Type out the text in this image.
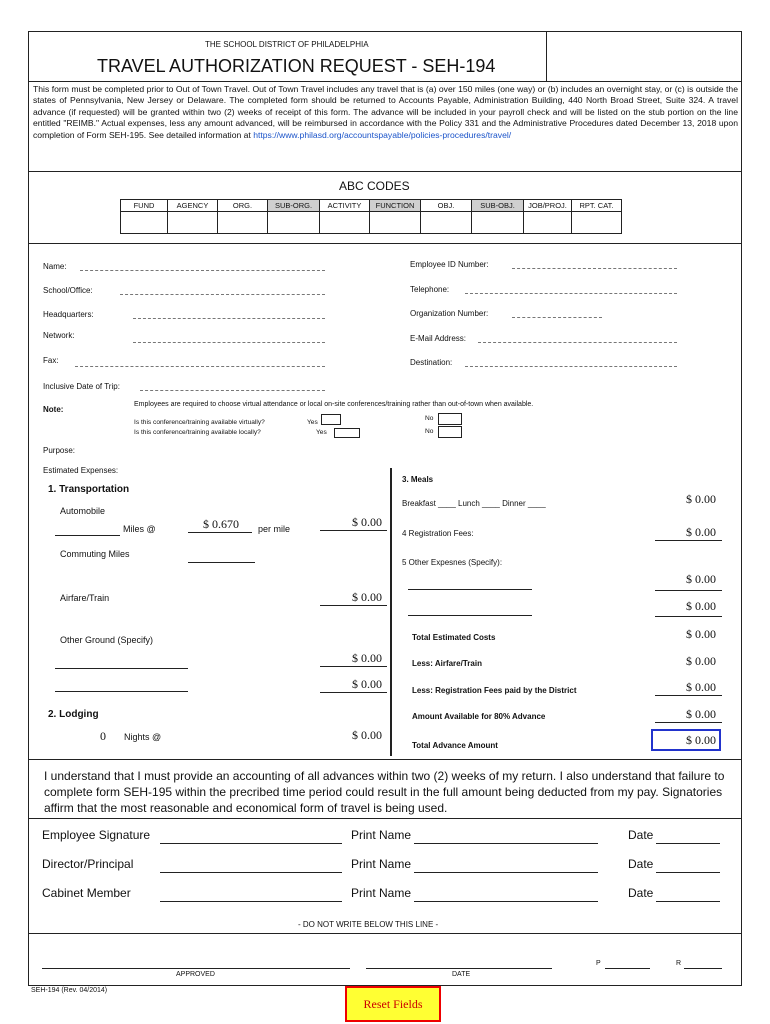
THE SCHOOL DISTRICT OF PHILADELPHIA
TRAVEL AUTHORIZATION REQUEST - SEH-194
This form must be completed prior to Out of Town Travel. Out of Town Travel includes any travel that is (a) over 150 miles (one way) or (b) includes an overnight stay, or (c) is outside the states of Pennsylvania, New Jersey or Delaware. The completed form should be returned to Accounts Payable, Administration Building, 440 North Broad Street, Suite 324. A travel advance (if requested) will be granted within two (2) weeks of receipt of this form. The advance will be included in your payroll check and will be listed on the stub portion on the line entitled "REIMB." Actual expenses, less any amount advanced, will be reimbursed in accordance with the Policy 331 and the Administrative Procedures dated December 13, 2018 upon completion of Form SEH-195. See detailed information at https://www.philasd.org/accountspayable/policies-procedures/travel/
ABC CODES
FUND	AGENCY	ORG.	SUB-ORG.	ACTIVITY	FUNCTION	OBJ.	SUB-OBJ.	JOB/PROJ.	RPT. CAT.

Name:
School/Office:
Headquarters:
Network:
Fax:
Inclusive Date of Trip:
Employee ID Number:
Telephone:
Organization Number:
E-Mail Address:
Destination:
Note:
Employees are required to choose virtual attendance or local on-site conferences/training rather than out-of-town when available.
Is this conference/training available virtually?	Yes
No
Is this conference/training available locally?	Yes	No
Purpose:
Estimated Expenses:
1. Transportation
Automobile
Miles @	$ 0.670 per mile	$ 0.00
Commuting Miles
Airfare/Train	$ 0.00
Other Ground (Specify)
$ 0.00
$ 0.00
2. Lodging
0 Nights @	$ 0.00
3. Meals
Breakfast ____ Lunch ____ Dinner ____	$ 0.00
4 Registration Fees:	$ 0.00
5 Other Expesnes (Specify):
$ 0.00
$ 0.00
Total Estimated Costs	$ 0.00
Less: Airfare/Train	$ 0.00
Less: Registration Fees paid by the District	$ 0.00
Amount Available for 80% Advance	$ 0.00
Total Advance Amount	$ 0.00
I understand that I must provide an accounting of all advances within two (2) weeks of my return. I also understand that failure to complete form SEH-195 within the precribed time period could result in the full amount being deducted from my pay. Signatories affirm that the most reasonable and economical form of travel is being used.
Employee Signature	Print Name	Date
Director/Principal	Print Name	Date
Cabinet Member	Print Name	Date
- DO NOT WRITE BELOW THIS LINE -
APPROVED	DATE
P	R
SEH-194 (Rev. 04/2014)
Reset Fields
